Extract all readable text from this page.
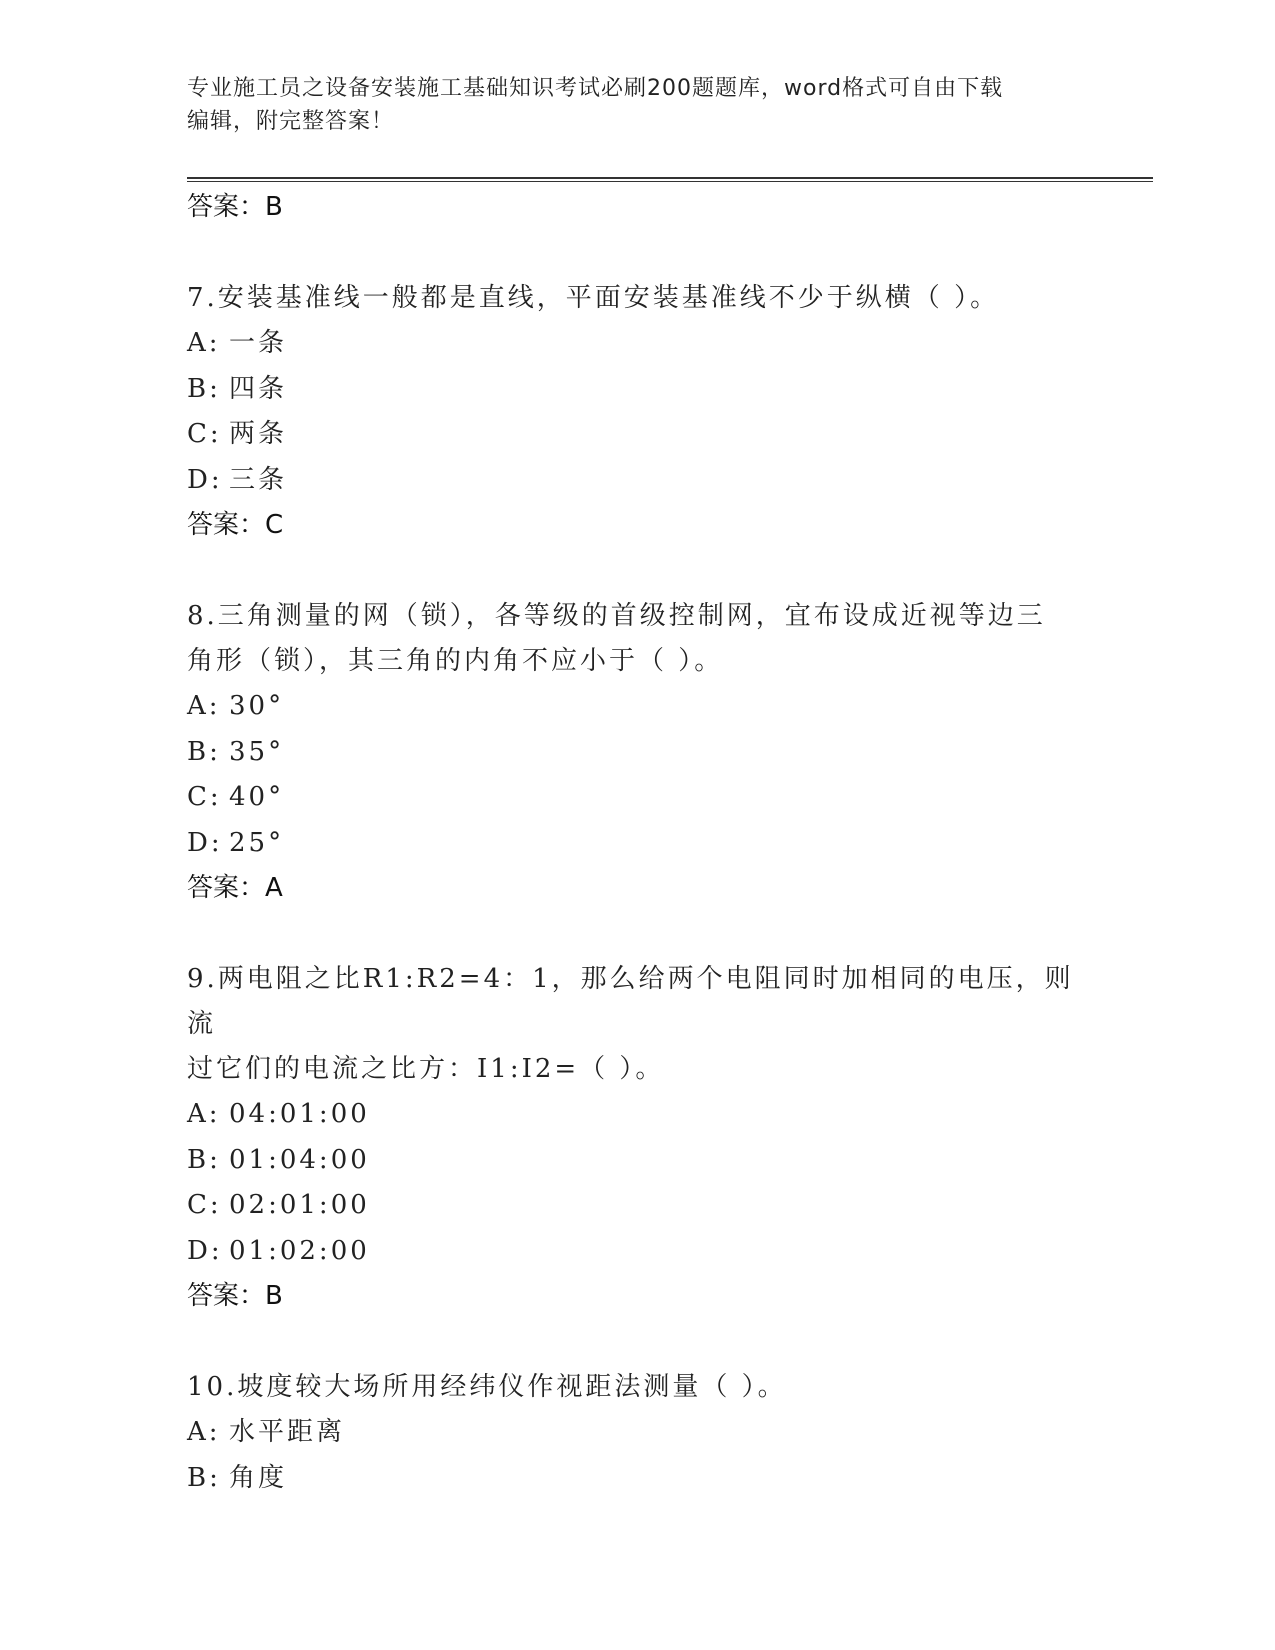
专业施工员之设备安装施工基础知识考试必刷200题题库，word格式可自由下载
编辑，附完整答案！
答案：B
7.安装基准线一般都是直线，平面安装基准线不少于纵横（ ）。
A: 一条
B: 四条
C: 两条
D: 三条
答案：C
8.三角测量的网（锁），各等级的首级控制网，宜布设成近视等边三
角形（锁），其三角的内角不应小于（ ）。
A: 30°
B: 35°
C: 40°
D: 25°
答案：A
9.两电阻之比R1:R2=4：1，那么给两个电阻同时加相同的电压，则流
过它们的电流之比方：I1:I2=（ ）。
A: 04:01:00
B: 01:04:00
C: 02:01:00
D: 01:02:00
答案：B
10.坡度较大场所用经纬仪作视距法测量（ ）。
A: 水平距离
B: 角度
